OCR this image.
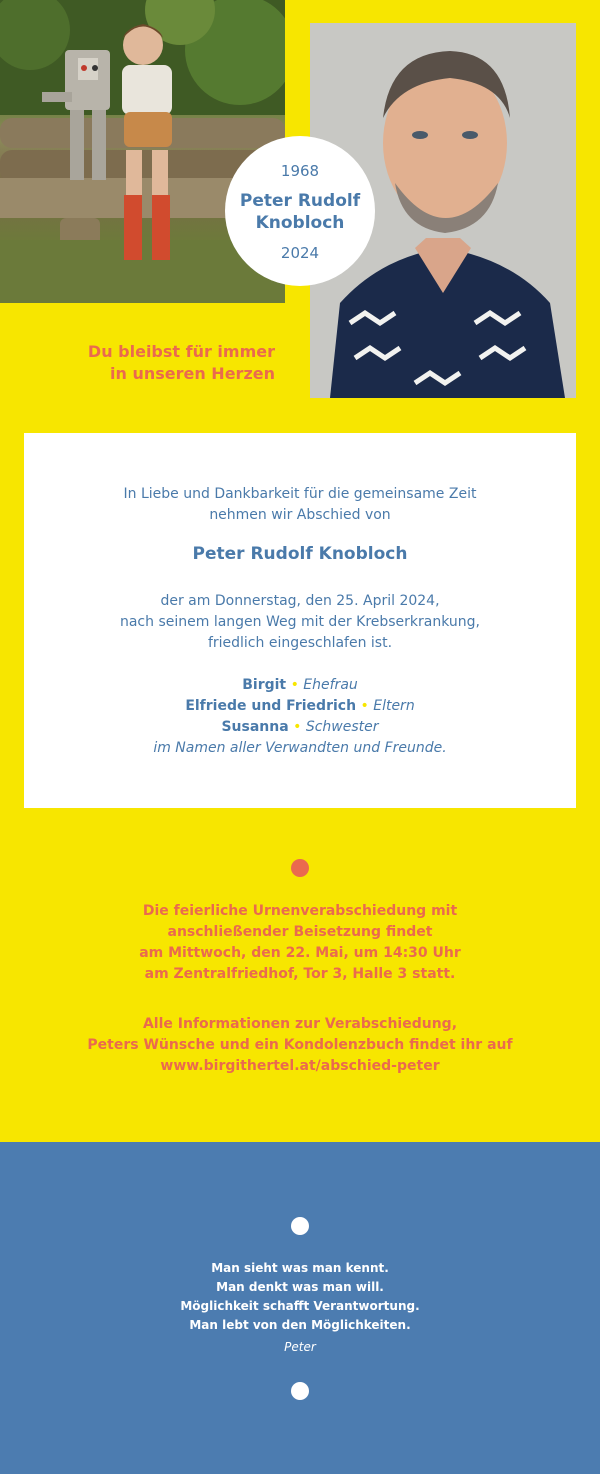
1968
Peter Rudolf
Knobloch
2024
Du bleibst für immer
in unseren Herzen
In Liebe und Dankbarkeit für die gemeinsame Zeit
nehmen wir Abschied von
Peter Rudolf Knobloch
der am Donnerstag, den 25. April 2024,
nach seinem langen Weg mit der Krebserkrankung,
friedlich eingeschlafen ist.
Birgit • Ehefrau
Elfriede und Friedrich • Eltern
Susanna • Schwester
im Namen aller Verwandten und Freunde.
Die feierliche Urnenverabschiedung mit
anschließender Beisetzung findet
am Mittwoch, den 22. Mai, um 14:30 Uhr
am Zentralfriedhof, Tor 3, Halle 3 statt.
Alle Informationen zur Verabschiedung,
Peters Wünsche und ein Kondolenzbuch findet ihr auf
www.birgithertel.at/abschied-peter
Man sieht was man kennt.
Man denkt was man will.
Möglichkeit schafft Verantwortung.
Man lebt von den Möglichkeiten.
Peter
